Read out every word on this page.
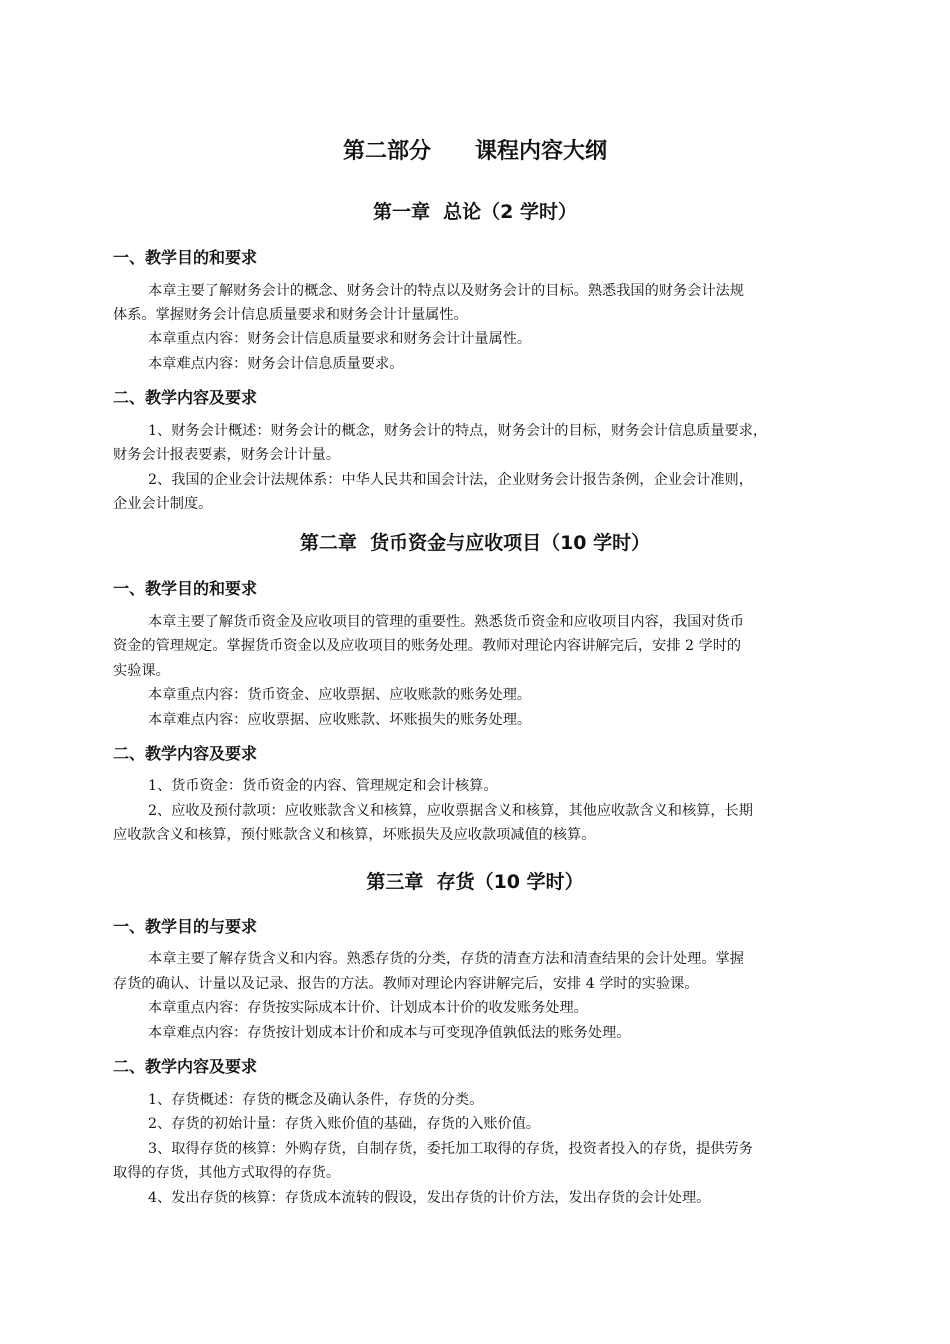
第二部分　　课程内容大纲
第一章  总论（2 学时）
一、教学目的和要求
本章主要了解财务会计的概念、财务会计的特点以及财务会计的目标。熟悉我国的财务会计法规
体系。掌握财务会计信息质量要求和财务会计计量属性。
本章重点内容：财务会计信息质量要求和财务会计计量属性。
本章难点内容：财务会计信息质量要求。
二、教学内容及要求
1、财务会计概述：财务会计的概念，财务会计的特点，财务会计的目标，财务会计信息质量要求，
财务会计报表要素，财务会计计量。
2、我国的企业会计法规体系：中华人民共和国会计法，企业财务会计报告条例，企业会计准则，
企业会计制度。
第二章  货币资金与应收项目（10 学时）
一、教学目的和要求
本章主要了解货币资金及应收项目的管理的重要性。熟悉货币资金和应收项目内容，我国对货币
资金的管理规定。掌握货币资金以及应收项目的账务处理。教师对理论内容讲解完后，安排 2 学时的
实验课。
本章重点内容：货币资金、应收票据、应收账款的账务处理。
本章难点内容：应收票据、应收账款、坏账损失的账务处理。
二、教学内容及要求
1、货币资金：货币资金的内容、管理规定和会计核算。
2、应收及预付款项：应收账款含义和核算，应收票据含义和核算，其他应收款含义和核算，长期
应收款含义和核算，预付账款含义和核算，坏账损失及应收款项减值的核算。
第三章  存货（10 学时）
一、教学目的与要求
本章主要了解存货含义和内容。熟悉存货的分类，存货的清查方法和清查结果的会计处理。掌握
存货的确认、计量以及记录、报告的方法。教师对理论内容讲解完后，安排 4 学时的实验课。
本章重点内容：存货按实际成本计价、计划成本计价的收发账务处理。
本章难点内容：存货按计划成本计价和成本与可变现净值孰低法的账务处理。
二、教学内容及要求
1、存货概述：存货的概念及确认条件，存货的分类。
2、存货的初始计量：存货入账价值的基础，存货的入账价值。
3、取得存货的核算：外购存货，自制存货，委托加工取得的存货，投资者投入的存货，提供劳务
取得的存货，其他方式取得的存货。
4、发出存货的核算：存货成本流转的假设，发出存货的计价方法，发出存货的会计处理。
